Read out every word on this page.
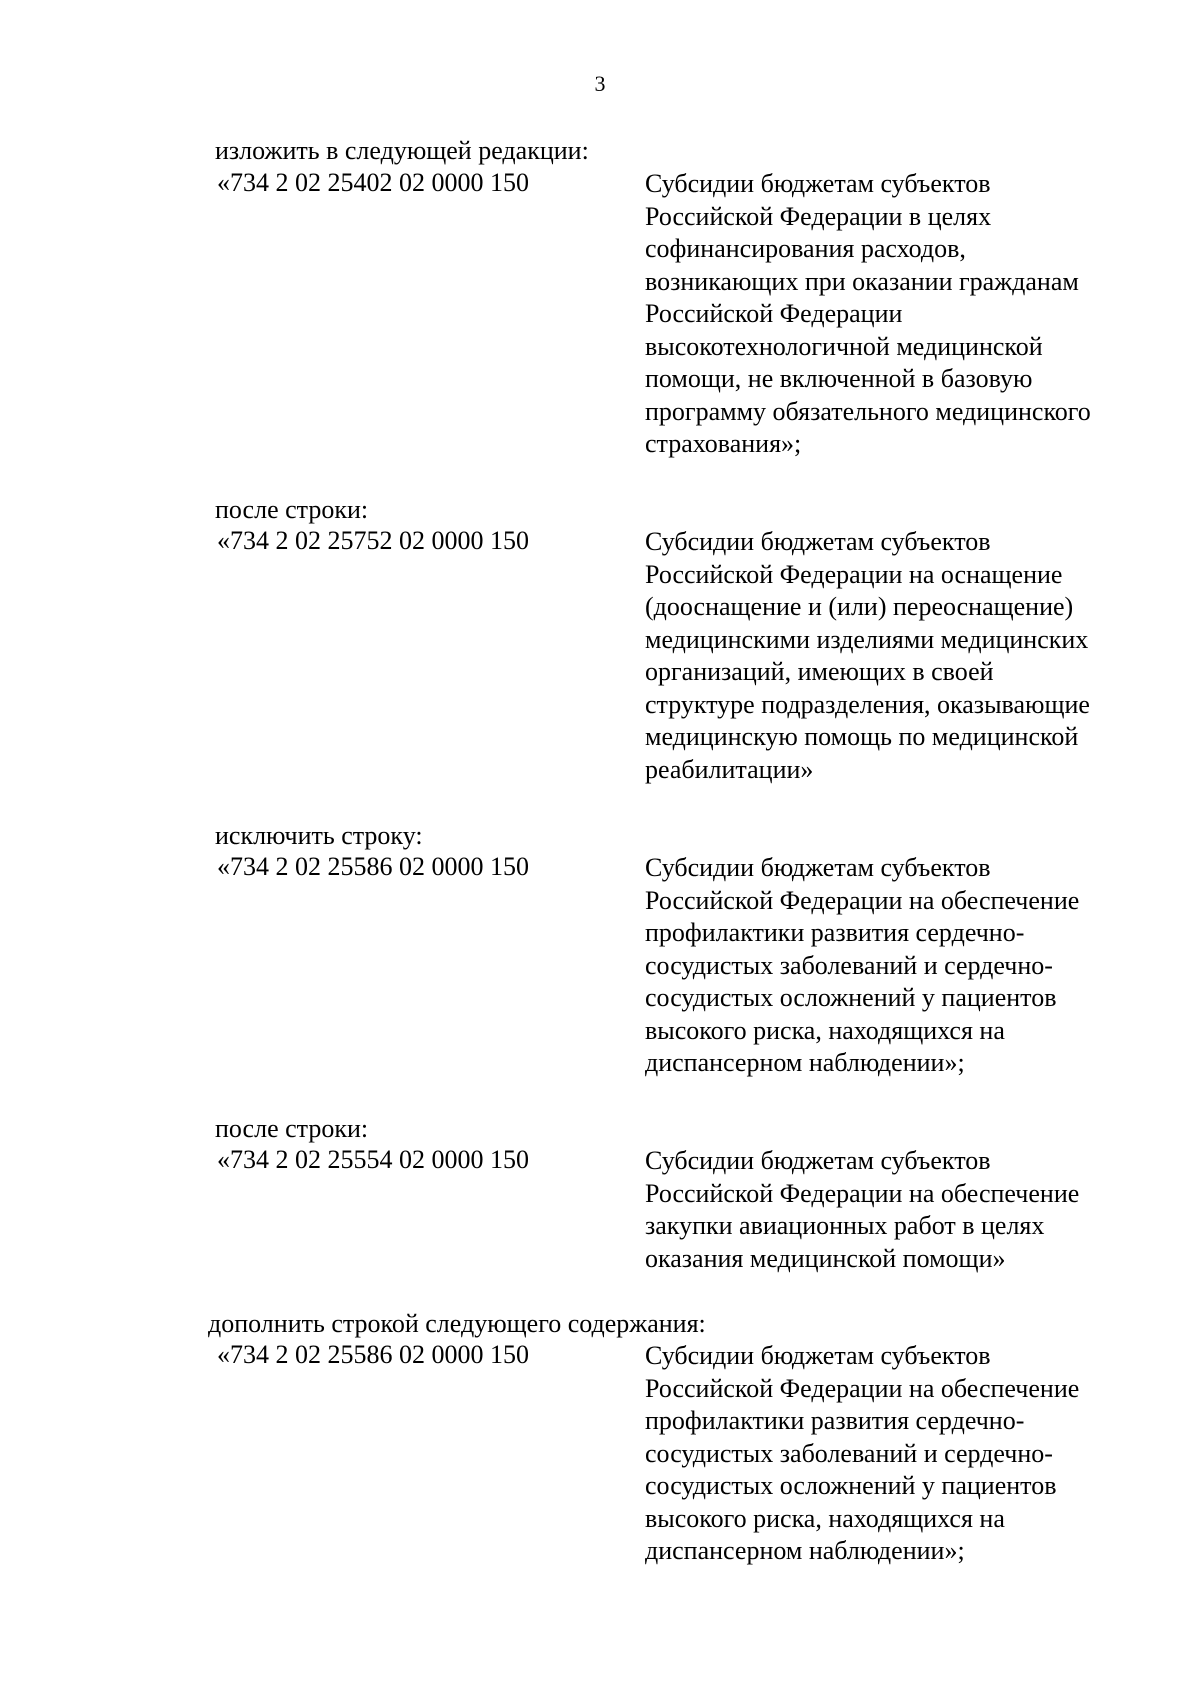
3
изложить в следующей редакции:
«734 2 02 25402 02 0000 150	Субсидии бюджетам субъектов
Российской Федерации в целях
софинансирования расходов,
возникающих при оказании гражданам
Российской Федерации
высокотехнологичной медицинской
помощи, не включенной в базовую
программу обязательного медицинского
страхования»;
после строки:
«734 2 02 25752 02 0000 150	Субсидии бюджетам субъектов
Российской Федерации на оснащение
(дооснащение и (или) переоснащение)
медицинскими изделиями медицинских
организаций, имеющих в своей
структуре подразделения, оказывающие
медицинскую помощь по медицинской
реабилитации»
исключить строку:
«734 2 02 25586 02 0000 150	Субсидии бюджетам субъектов
Российской Федерации на обеспечение
профилактики развития сердечно-
сосудистых заболеваний и сердечно-
сосудистых осложнений у пациентов
высокого риска, находящихся на
диспансерном наблюдении»;
после строки:
«734 2 02 25554 02 0000 150	Субсидии бюджетам субъектов
Российской Федерации на обеспечение
закупки авиационных работ в целях
оказания медицинской помощи»
дополнить строкой следующего содержания:
«734 2 02 25586 02 0000 150	Субсидии бюджетам субъектов
Российской Федерации на обеспечение
профилактики развития сердечно-
сосудистых заболеваний и сердечно-
сосудистых осложнений у пациентов
высокого риска, находящихся на
диспансерном наблюдении»;
